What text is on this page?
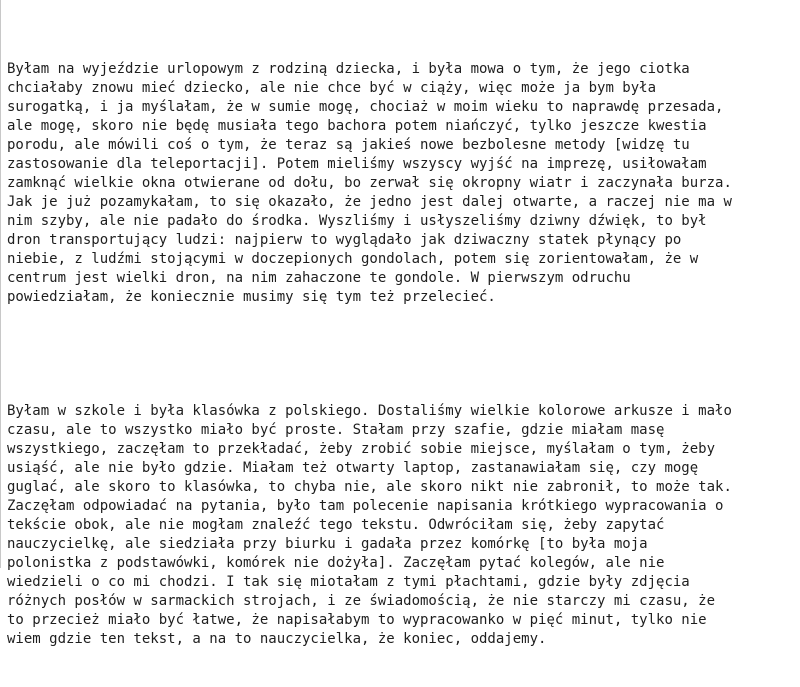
Byłam na wyjeździe urlopowym z rodziną dziecka, i była mowa o tym, że jego ciotka
chciałaby znowu mieć dziecko, ale nie chce być w ciąży, więc może ja bym była
surogatką, i ja myślałam, że w sumie mogę, chociaż w moim wieku to naprawdę przesada,
ale mogę, skoro nie będę musiała tego bachora potem niańczyć, tylko jeszcze kwestia
porodu, ale mówili coś o tym, że teraz są jakieś nowe bezbolesne metody [widzę tu
zastosowanie dla teleportacji]. Potem mieliśmy wszyscy wyjść na imprezę, usiłowałam
zamknąć wielkie okna otwierane od dołu, bo zerwał się okropny wiatr i zaczynała burza.
Jak je już pozamykałam, to się okazało, że jedno jest dalej otwarte, a raczej nie ma w
nim szyby, ale nie padało do środka. Wyszliśmy i usłyszeliśmy dziwny dźwięk, to był
dron transportujący ludzi: najpierw to wyglądało jak dziwaczny statek płynący po
niebie, z ludźmi stojącymi w doczepionych gondolach, potem się zorientowałam, że w
centrum jest wielki dron, na nim zahaczone te gondole. W pierwszym odruchu
powiedziałam, że koniecznie musimy się tym też przelecieć.

Byłam w szkole i była klasówka z polskiego. Dostaliśmy wielkie kolorowe arkusze i mało
czasu, ale to wszystko miało być proste. Stałam przy szafie, gdzie miałam masę
wszystkiego, zaczęłam to przekładać, żeby zrobić sobie miejsce, myślałam o tym, żeby
usiąść, ale nie było gdzie. Miałam też otwarty laptop, zastanawiałam się, czy mogę
guglać, ale skoro to klasówka, to chyba nie, ale skoro nikt nie zabronił, to może tak.
Zaczęłam odpowiadać na pytania, było tam polecenie napisania krótkiego wypracowania o
tekście obok, ale nie mogłam znaleźć tego tekstu. Odwróciłam się, żeby zapytać
nauczycielkę, ale siedziała przy biurku i gadała przez komórkę [to była moja
polonistka z podstawówki, komórek nie dożyła]. Zaczęłam pytać kolegów, ale nie
wiedzieli o co mi chodzi. I tak się miotałam z tymi płachtami, gdzie były zdjęcia
różnych posłów w sarmackich strojach, i ze świadomością, że nie starczy mi czasu, że
to przecież miało być łatwe, że napisałabym to wypracowanko w pięć minut, tylko nie
wiem gdzie ten tekst, a na to nauczycielka, że koniec, oddajemy.
